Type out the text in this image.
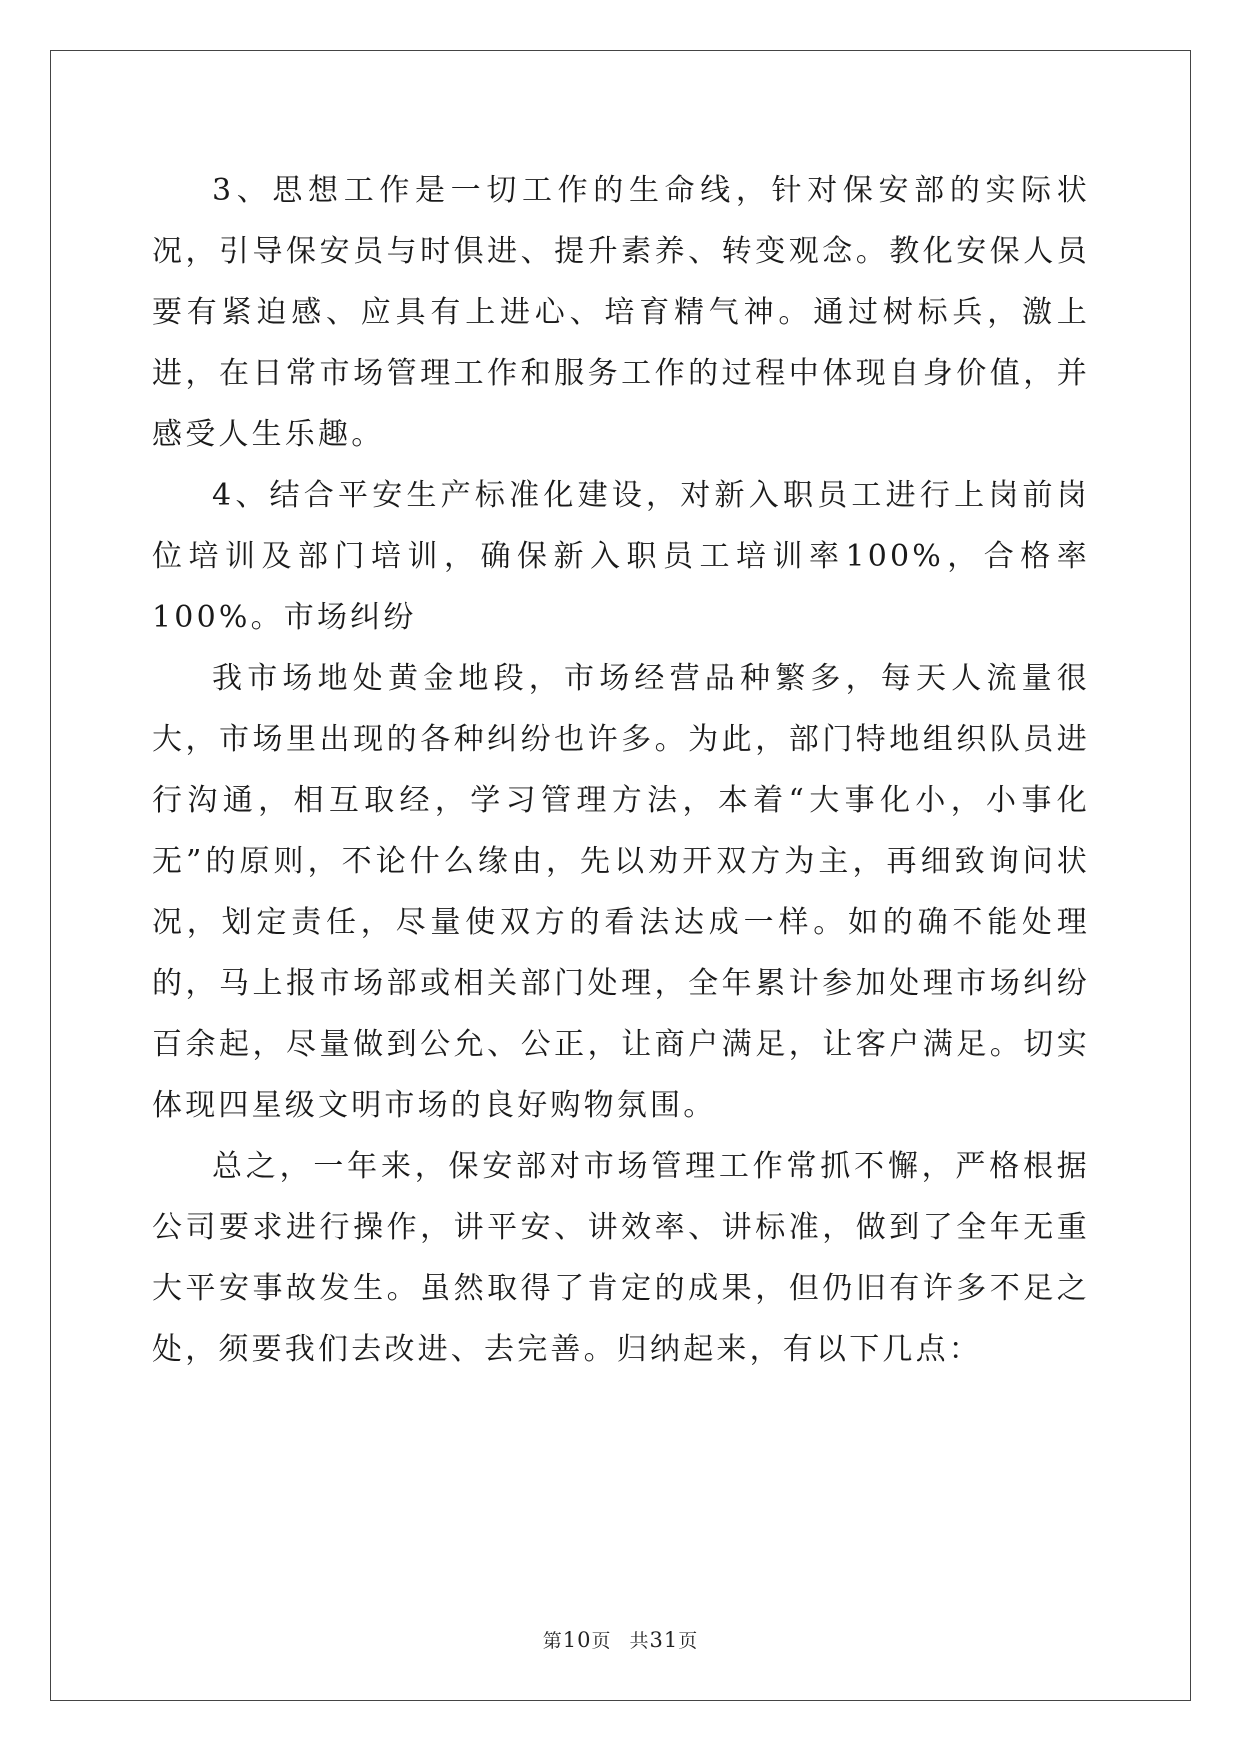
3、思想工作是一切工作的生命线，针对保安部的实际状况，引导保安员与时俱进、提升素养、转变观念。教化安保人员要有紧迫感、应具有上进心、培育精气神。通过树标兵，激上进，在日常市场管理工作和服务工作的过程中体现自身价值，并感受人生乐趣。

4、结合平安生产标准化建设，对新入职员工进行上岗前岗位培训及部门培训，确保新入职员工培训率100%，合格率100%。市场纠纷

我市场地处黄金地段，市场经营品种繁多，每天人流量很大，市场里出现的各种纠纷也许多。为此，部门特地组织队员进行沟通，相互取经，学习管理方法，本着“大事化小，小事化无”的原则，不论什么缘由，先以劝开双方为主，再细致询问状况，划定责任，尽量使双方的看法达成一样。如的确不能处理的，马上报市场部或相关部门处理，全年累计参加处理市场纠纷百余起，尽量做到公允、公正，让商户满足，让客户满足。切实体现四星级文明市场的良好购物氛围。

总之，一年来，保安部对市场管理工作常抓不懈，严格根据公司要求进行操作，讲平安、讲效率、讲标准，做到了全年无重大平安事故发生。虽然取得了肯定的成果，但仍旧有许多不足之处，须要我们去改进、去完善。归纳起来，有以下几点：

第10页 共31页
